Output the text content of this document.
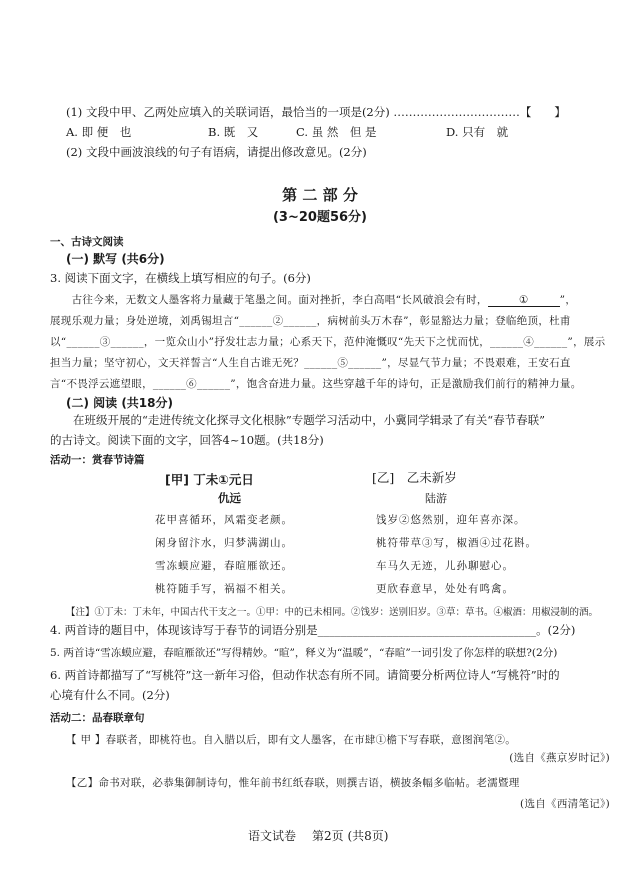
(1) 文段中甲、乙两处应填入的关联词语，最恰当的一项是(2分) ……………………………【　　】
A. 即 便　也	B. 既　又	C. 虽 然　但 是	D. 只有　就
(2) 文段中画波浪线的句子有语病，请提出修改意见。(2分)
第 二 部 分
(3~20题56分)
一、古诗文阅读
(一) 默写 (共6分)
3. 阅读下面文字，在横线上填写相应的句子。(6分)
　　古往今来，无数文人墨客将力量藏于笔墨之间。面对挫折，李白高唱“长风破浪会有时，	①	”，
展现乐观力量；身处逆境，刘禹锡坦言“______②______，病树前头万木春”，彰显豁达力量；登临绝顶，杜甫
以“______③______，一览众山小”抒发壮志力量；心系天下，范仲淹慨叹“先天下之忧而忧，______④______”，展示
担当力量；坚守初心，文天祥誓言“人生自古谁无死？______⑤______”，尽显气节力量；不畏艰难，王安石直
言“不畏浮云遮望眼，______⑥______”，饱含奋进力量。这些穿越千年的诗句，正是激励我们前行的精神力量。
(二) 阅读 (共18分)
　　在班级开展的“走进传统文化探寻文化根脉”专题学习活动中，小冀同学辑录了有关“春节春联”
的古诗文。阅读下面的文字，回答4~10题。(共18分)
活动一：赏春节诗篇
[甲] 丁未①元日
仇远
花甲喜循环，风霜变老颜。
闲身留汴水，归梦满湖山。
雪冻蟆应避，春暄雁欲还。
桃符随手写，祸福不相关。
[乙]　乙未新岁
陆游
饯岁②悠然别，迎年喜亦深。
桃符带草③写，椒酒④过花斟。
车马久无迹，儿孙聊慰心。
更欣春意早，处处有鸣禽。
【注】①丁未：丁未年，中国古代干支之一。①甲：中的已未相同。②饯岁：送别旧岁。③草：草书。④椒酒：用椒浸制的酒。
4. 两首诗的题目中，体现该诗写于春节的词语分别是______________________________________。(2分)
5. 两首诗“雪冻蟆应避，春暄雁欲还”写得精妙。“暄”，释义为“温暖”，“春暄”一词引发了你怎样的联想?(2分)
6. 两首诗都描写了“写桃符”这一新年习俗，但动作状态有所不同。请简要分析两位诗人“写桃符”时的
心境有什么不同。(2分)
活动二：品春联章句
【 甲 】春联者，即桃符也。自入腊以后，即有文人墨客，在市肆①檐下写春联，意图润笔②。
(选自《燕京岁时记》)
【乙】命书对联，必恭集御制诗句，惟年前书红纸春联，则撰吉语，横披条幅多临帖。老濡暨理
(选自《西清笔记》)
语文试卷 第2页 (共8页)
